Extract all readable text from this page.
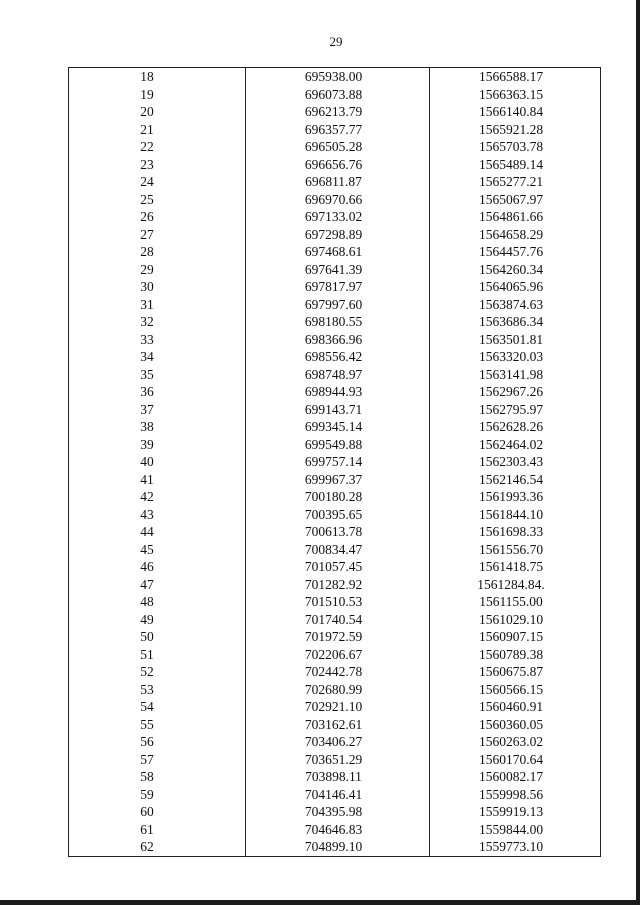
29
18	695938.00	1566588.17
19	696073.88	1566363.15
20	696213.79	1566140.84
21	696357.77	1565921.28
22	696505.28	1565703.78
23	696656.76	1565489.14
24	696811.87	1565277.21
25	696970.66	1565067.97
26	697133.02	1564861.66
27	697298.89	1564658.29
28	697468.61	1564457.76
29	697641.39	1564260.34
30	697817.97	1564065.96
31	697997.60	1563874.63
32	698180.55	1563686.34
33	698366.96	1563501.81
34	698556.42	1563320.03
35	698748.97	1563141.98
36	698944.93	1562967.26
37	699143.71	1562795.97
38	699345.14	1562628.26
39	699549.88	1562464.02
40	699757.14	1562303.43
41	699967.37	1562146.54
42	700180.28	1561993.36
43	700395.65	1561844.10
44	700613.78	1561698.33
45	700834.47	1561556.70
46	701057.45	1561418.75
47	701282.92	1561284.84.
48	701510.53	1561155.00
49	701740.54	1561029.10
50	701972.59	1560907.15
51	702206.67	1560789.38
52	702442.78	1560675.87
53	702680.99	1560566.15
54	702921.10	1560460.91
55	703162.61	1560360.05
56	703406.27	1560263.02
57	703651.29	1560170.64
58	703898.11	1560082.17
59	704146.41	1559998.56
60	704395.98	1559919.13
61	704646.83	1559844.00
62	704899.10	1559773.10
